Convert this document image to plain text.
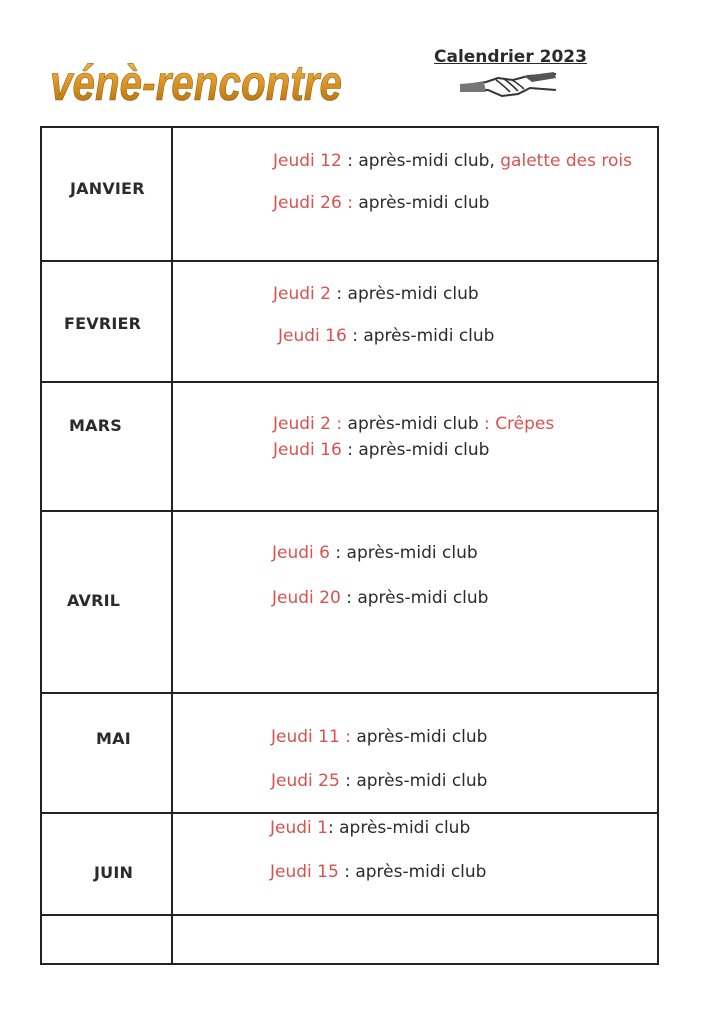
vénè-rencontre	Calendrier 2023
JANVIER
Jeudi 12 : après-midi club, galette des rois
Jeudi 26 : après-midi club
FEVRIER
Jeudi 2 : après-midi club
Jeudi 16 : après-midi club
MARS	Jeudi 2 : après-midi club : Crêpes
Jeudi 16 : après-midi club
AVRIL
Jeudi 6 : après-midi club
Jeudi 20 : après-midi club
MAI	Jeudi 11 : après-midi club
Jeudi 25 : après-midi club
JUIN
Jeudi 1: après-midi club
Jeudi 15 : après-midi club
